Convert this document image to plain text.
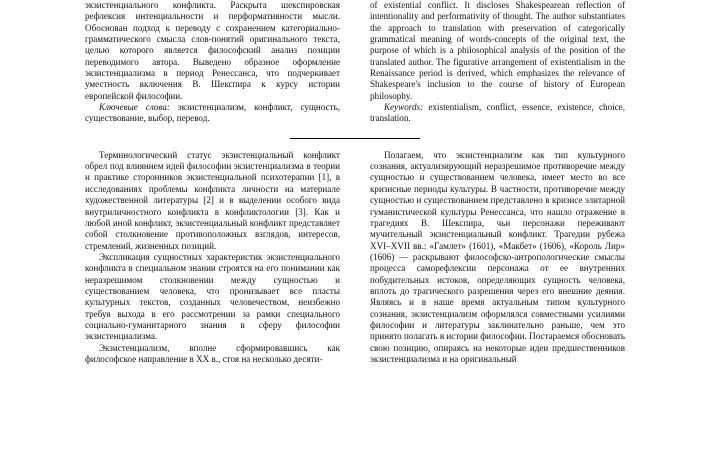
экзистенциального конфликта. Раскрыта шекспировская рефлексия интенциальности и перформативности мысли. Обоснован подход к переводу с сохранением категориально-грамматического смысла слов-понятий оригинального текста, целью которого является философский анализ позиции переводимого автора. Выведено образное оформление экзистенциализма в период Ренессанса, что подчеркивает уместность включения В. Шекспира к курсу истории европейской философии.

Ключевые слова: экзистенциализм, конфликт, сущность, существование, выбор, перевод.

of existential conflict. It discloses Shakespearean reflection of intentionality and performativity of thought. The author substantiates the approach to translation with preservation of categorically grammatical meaning of words-concepts of the original text, the purpose of which is a philosophical analysis of the position of the translated author. The figurative arrangement of existentialism in the Renaissance period is derived, which emphasizes the relevance of Shakespeare's inclusion to the course of history of European philosophy.

Keywords: existentialism, conflict, essence, existence, choice, translation.

Терминологический статус экзистенциальный конфликт обрел под влиянием идей философии экзистенциализма в теории и практике сторонников экзистенциальной психотерапии [1], в исследованиях проблемы конфликта личности на материале художественной литературы [2] и в выделении особого вида внутриличностного конфликта в конфликтологии [3]. Как и любой иной конфликт, экзистенциальный конфликт представляет собой столкновение противоположных взглядов, интересов, стремлений, жизненных позиций.

Экспликация сущностных характеристик экзистенциального конфликта в специальном знании строятся на его понимании как неразрешимом столкновении между сущностью и существованием человека, что пронизывает все пласты культурных текстов, созданных человечеством, неизбежно требуя выхода в его рассмотрении за рамки специального социально-гуманитарного знания в сферу философии экзистенциализма.

Экзистенциализм, вполне сформировавшись как философское направление в XX в., стоя на несколько десяти-

Полагаем, что экзистенциализм как тип культурного сознания, актуализирующий неразрешимое противоречие между сущностью и существованием человека, имеет место во все кризисные периоды культуры. В частности, противоречие между сущностью и существованием представлено в кризисе элитарной гуманистической культуры Ренессанса, что нашло отражение в трагедиях В. Шекспира, чьи персонажи переживают мучительный экзистенциальный конфликт. Трагедии рубежа XVI–XVII вв.: «Гамлет» (1601), «Макбет» (1606), «Король Лир» (1606) — раскрывают философско-антропологические смыслы процесса саморефлексии персонажа от ее внутренних побудительных истоков, определяющих сущность человека, вплоть до трагического разрешения через его внешние деяния. Являясь и в наше время актуальным типом культурного сознания, экзистенциализм оформлялся совместными усилиями философии и литературы заклинательно раньше, чем это принято полагать в истории философии. Постараемся обосновать свою позицию, опираясь на некоторые идеи предшественников экзистенциализма и на оригинальный
